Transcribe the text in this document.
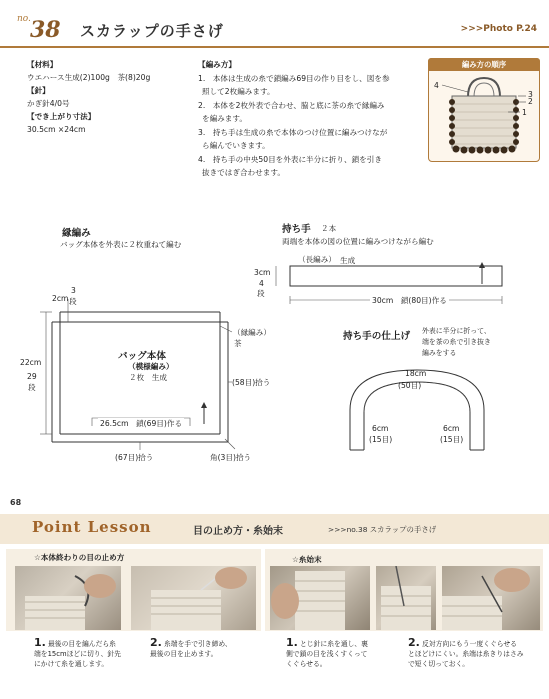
no. 38 スカラップの手さげ	>>>Photo P.24
【材料】
ウエハース生成(2)100g　茶(8)20g
【針】
かぎ針4/0号
【でき上がり寸法】
30.5cm ×24cm
【編み方】
1.　本体は生成の糸で鎖編み69目の作り目をし、図を参
照して2枚編みます。
2.　本体を2枚外表で合わせ、脇と底に茶の糸で縁編み
を編みます。
3.　持ち手は生成の糸で本体のつけ位置に編みつけなが
ら編んでいきます。
4.　持ち手の中央50目を外表に半分に折り、鎖を引き
抜きではぎ合わせます。
編み方の順序
4
3
2
1
縁編み
バッグ本体を外表に２枚重ねて編む
持ち手 ２本
両端を本体の図の位置に編みつけながら編む
（長編み） 生成
3cm
4
段
30cm　鎖(80目)作る
2cm
3
段
22cm
29
段
バッグ本体
（模様編み）
２枚　生成
（縁編み）
茶
(58目)拾う
26.5cm　鎖(69目)作る
(67目)拾う	角(3目)拾う
持ち手の仕上げ 外表に半分に折って、
端を茶の糸で引き抜き
編みをする
18cm
(50目)
6cm
(15目)
6cm
(15目)
68
Point Lesson	目の止め方・糸始末	>>>no.38 スカラップの手さげ
☆本体終わりの目の止め方	☆糸始末
1. 最後の目を編んだら糸
端を15cmほどに切り、針先
にかけて糸を通します。
2. 糸端を手で引き締め、
最後の目を止めます。
1. とじ針に糸を通し、裏
側で鎖の目を浅くすくって
くぐらせる。
2. 反対方向にもう一度くぐらせる
とほどけにくい。糸端は糸きりはさみ
で短く切っておく。
